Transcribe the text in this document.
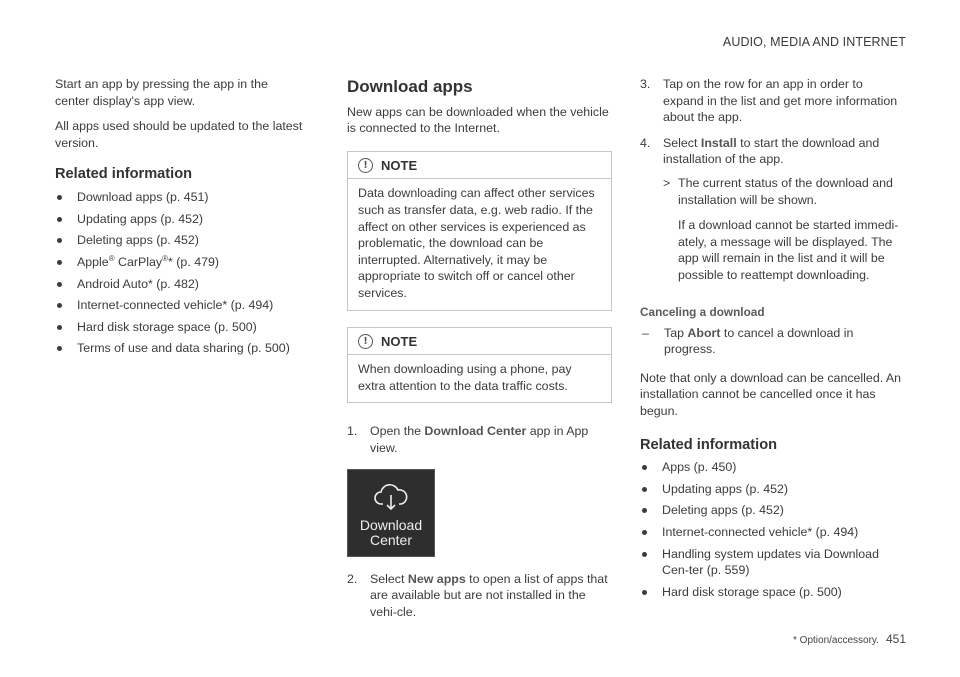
AUDIO, MEDIA AND INTERNET

Start an app by pressing the app in the center display's app view.

All apps used should be updated to the latest version.

Related information
Download apps (p. 451)
Updating apps (p. 452)
Deleting apps (p. 452)
Apple® CarPlay®* (p. 479)
Android Auto* (p. 482)
Internet-connected vehicle* (p. 494)
Hard disk storage space (p. 500)
Terms of use and data sharing (p. 500)
Download apps

New apps can be downloaded when the vehicle is connected to the Internet.

!	NOTE
Data downloading can affect other services such as transfer data, e.g. web radio. If the affect on other services is experienced as problematic, the download can be interrupted. Alternatively, it may be appropriate to switch off or cancel other services.
!	NOTE
When downloading using a phone, pay extra attention to the data traffic costs.
1.	Open the Download Center app in App view.
Download
Center
2.	Select New apps to open a list of apps that are available but are not installed in the vehi-cle.
3.	Tap on the row for an app in order to expand in the list and get more information about the app.
4.	Select Install to start the download and installation of the app.
> The current status of the download and installation will be shown.

If a download cannot be started immedi-ately, a message will be displayed. The app will remain in the list and it will be possible to reattempt downloading.

Canceling a download
–	Tap Abort to cancel a download in progress.

Note that only a download can be cancelled. An installation cannot be cancelled once it has begun.

Related information
Apps (p. 450)
Updating apps (p. 452)
Deleting apps (p. 452)
Internet-connected vehicle* (p. 494)
Handling system updates via Download Cen-ter (p. 559)
Hard disk storage space (p. 500)
* Option/accessory. 451
